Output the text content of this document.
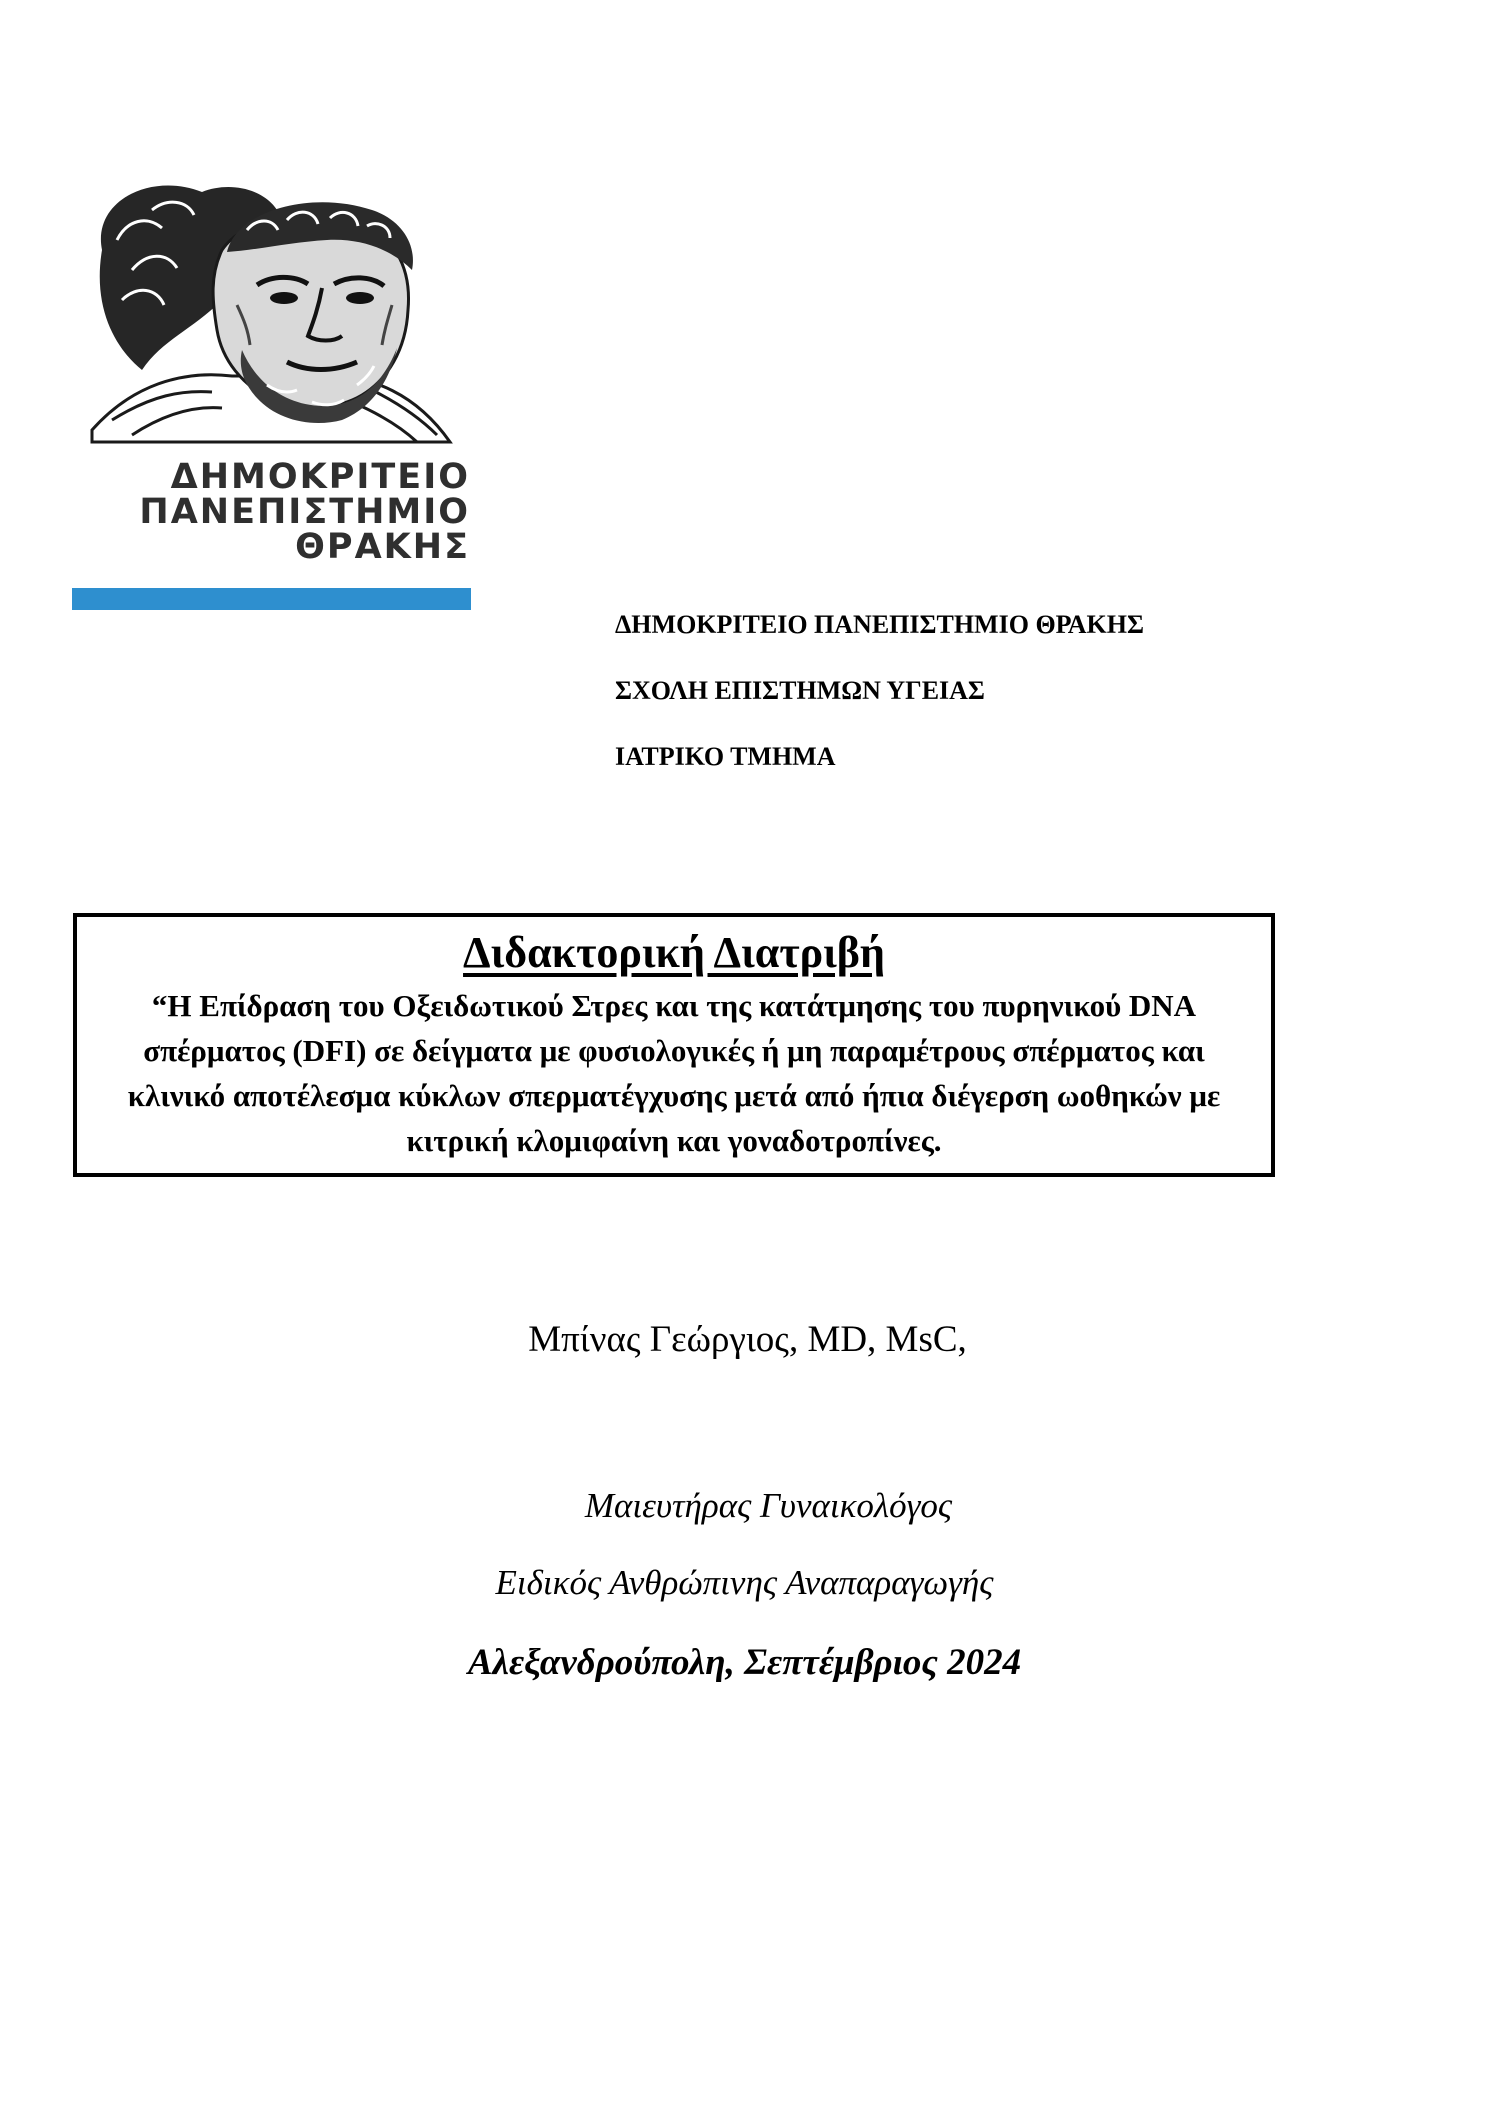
ΔΗΜΟΚΡΙΤΕΙΟ
ΠΑΝΕΠΙΣΤΗΜΙΟ
ΘΡΑΚΗΣ
ΔΗΜΟΚΡΙΤΕΙΟ ΠΑΝΕΠΙΣΤΗΜΙΟ ΘΡΑΚΗΣ
ΣΧΟΛΗ ΕΠΙΣΤΗΜΩΝ ΥΓΕΙΑΣ
ΙΑΤΡΙΚΟ ΤΜΗΜΑ
Διδακτορική Διατριβή
“Η Επίδραση του Οξειδωτικού Στρες και της κατάτμησης του πυρηνικού DNA σπέρματος (DFI) σε δείγματα με φυσιολογικές ή μη παραμέτρους σπέρματος και κλινικό αποτέλεσμα κύκλων σπερματέγχυσης μετά από ήπια διέγερση ωοθηκών με κιτρική κλομιφαίνη και γοναδοτροπίνες.
Μπίνας Γεώργιος, MD, MsC,
Μαιευτήρας Γυναικολόγος
Ειδικός Ανθρώπινης Αναπαραγωγής
Αλεξανδρούπολη, Σεπτέμβριος 2024
